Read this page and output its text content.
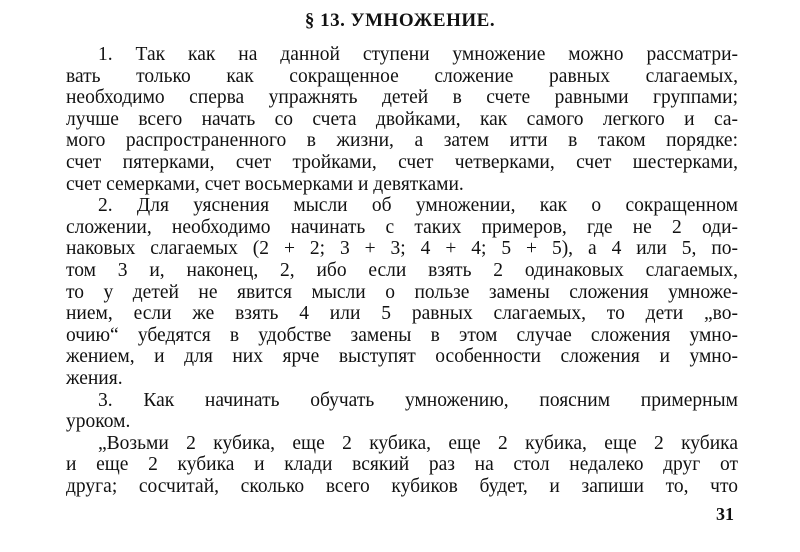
§ 13. УМНОЖЕНИЕ.
1. Так как на данной ступени умножение можно рассматри-
вать только как сокращенное сложение равных слагаемых,
необходимо сперва упражнять детей в счете равными группами;
лучше всего начать со счета двойками, как самого легкого и са-
мого распространенного в жизни, а затем итти в таком порядке:
счет пятерками, счет тройками, счет четверками, счет шестерками,
счет семерками, счет восьмерками и девятками.
2. Для уяснения мысли об умножении, как о сокращенном
сложении, необходимо начинать с таких примеров, где не 2 оди-
наковых слагаемых (2 + 2; 3 + 3; 4 + 4; 5 + 5), а 4 или 5, по-
том 3 и, наконец, 2, ибо если взять 2 одинаковых слагаемых,
то у детей не явится мысли о пользе замены сложения умноже-
нием, если же взять 4 или 5 равных слагаемых, то дети „во-
очию“ убедятся в удобстве замены в этом случае сложения умно-
жением, и для них ярче выступят особенности сложения и умно-
жения.
3. Как начинать обучать умножению, поясним примерным
уроком.
„Возьми 2 кубика, еще 2 кубика, еще 2 кубика, еще 2 кубика
и еще 2 кубика и клади всякий раз на стол недалеко друг от
друга; сосчитай, сколько всего кубиков будет, и запиши то, что
31
